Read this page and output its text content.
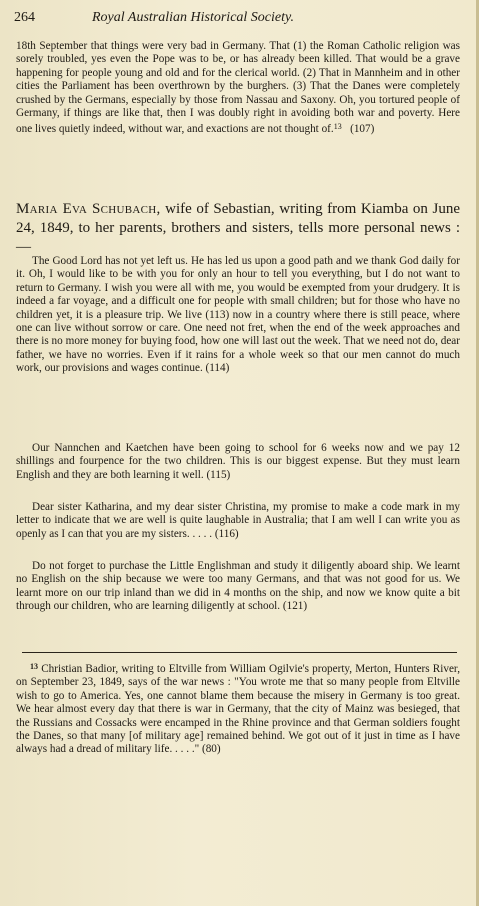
264	Royal Australian Historical Society.
18th September that things were very bad in Germany. That (1) the Roman Catholic religion was sorely troubled, yes even the Pope was to be, or has already been killed. That would be a grave happening for people young and old and for the clerical world. (2) That in Mannheim and in other cities the Parliament has been overthrown by the burghers. (3) That the Danes were completely crushed by the Germans, especially by those from Nassau and Saxony. Oh, you tortured people of Germany, if things are like that, then I was doubly right in avoiding both war and poverty. Here one lives quietly indeed, without war, and exactions are not thought of.$^{13}$ (107)
Maria Eva Schubach, wife of Sebastian, writing from Kiamba on June 24, 1849, to her parents, brothers and sisters, tells more personal news :—
The Good Lord has not yet left us. He has led us upon a good path and we thank God daily for it. Oh, I would like to be with you for only an hour to tell you everything, but I do not want to return to Germany. I wish you were all with me, you would be exempted from your drudgery. It is indeed a far voyage, and a difficult one for people with small children; but for those who have no children yet, it is a pleasure trip. We live (113) now in a country where there is still peace, where one can live without sorrow or care. One need not fret, when the end of the week approaches and there is no more money for buying food, how one will last out the week. That we need not do, dear father, we have no worries. Even if it rains for a whole week so that our men cannot do much work, our provisions and wages continue. (114)
Our Nannchen and Kaetchen have been going to school for 6 weeks now and we pay 12 shillings and fourpence for the two children. This is our biggest expense. But they must learn English and they are both learning it well. (115)
Dear sister Katharina, and my dear sister Christina, my promise to make a code mark in my letter to indicate that we are well is quite laughable in Australia; that I am well I can write you as openly as I can that you are my sisters. . . . . (116)
Do not forget to purchase the Little Englishman and study it diligently aboard ship. We learnt no English on the ship because we were too many Germans, and that was not good for us. We learnt more on our trip inland than we did in 4 months on the ship, and now we know quite a bit through our children, who are learning diligently at school. (121)
$^{13}$ Christian Badior, writing to Eltville from William Ogilvie's property, Merton, Hunters River, on September 23, 1849, says of the war news : "You wrote me that so many people from Eltville wish to go to America. Yes, one cannot blame them because the misery in Germany is too great. We hear almost every day that there is war in Germany, that the city of Mainz was besieged, that the Russians and Cossacks were encamped in the Rhine province and that German soldiers fought the Danes, so that many [of military age] remained behind. We got out of it just in time as I have always had a dread of military life. . . . ." (80)
